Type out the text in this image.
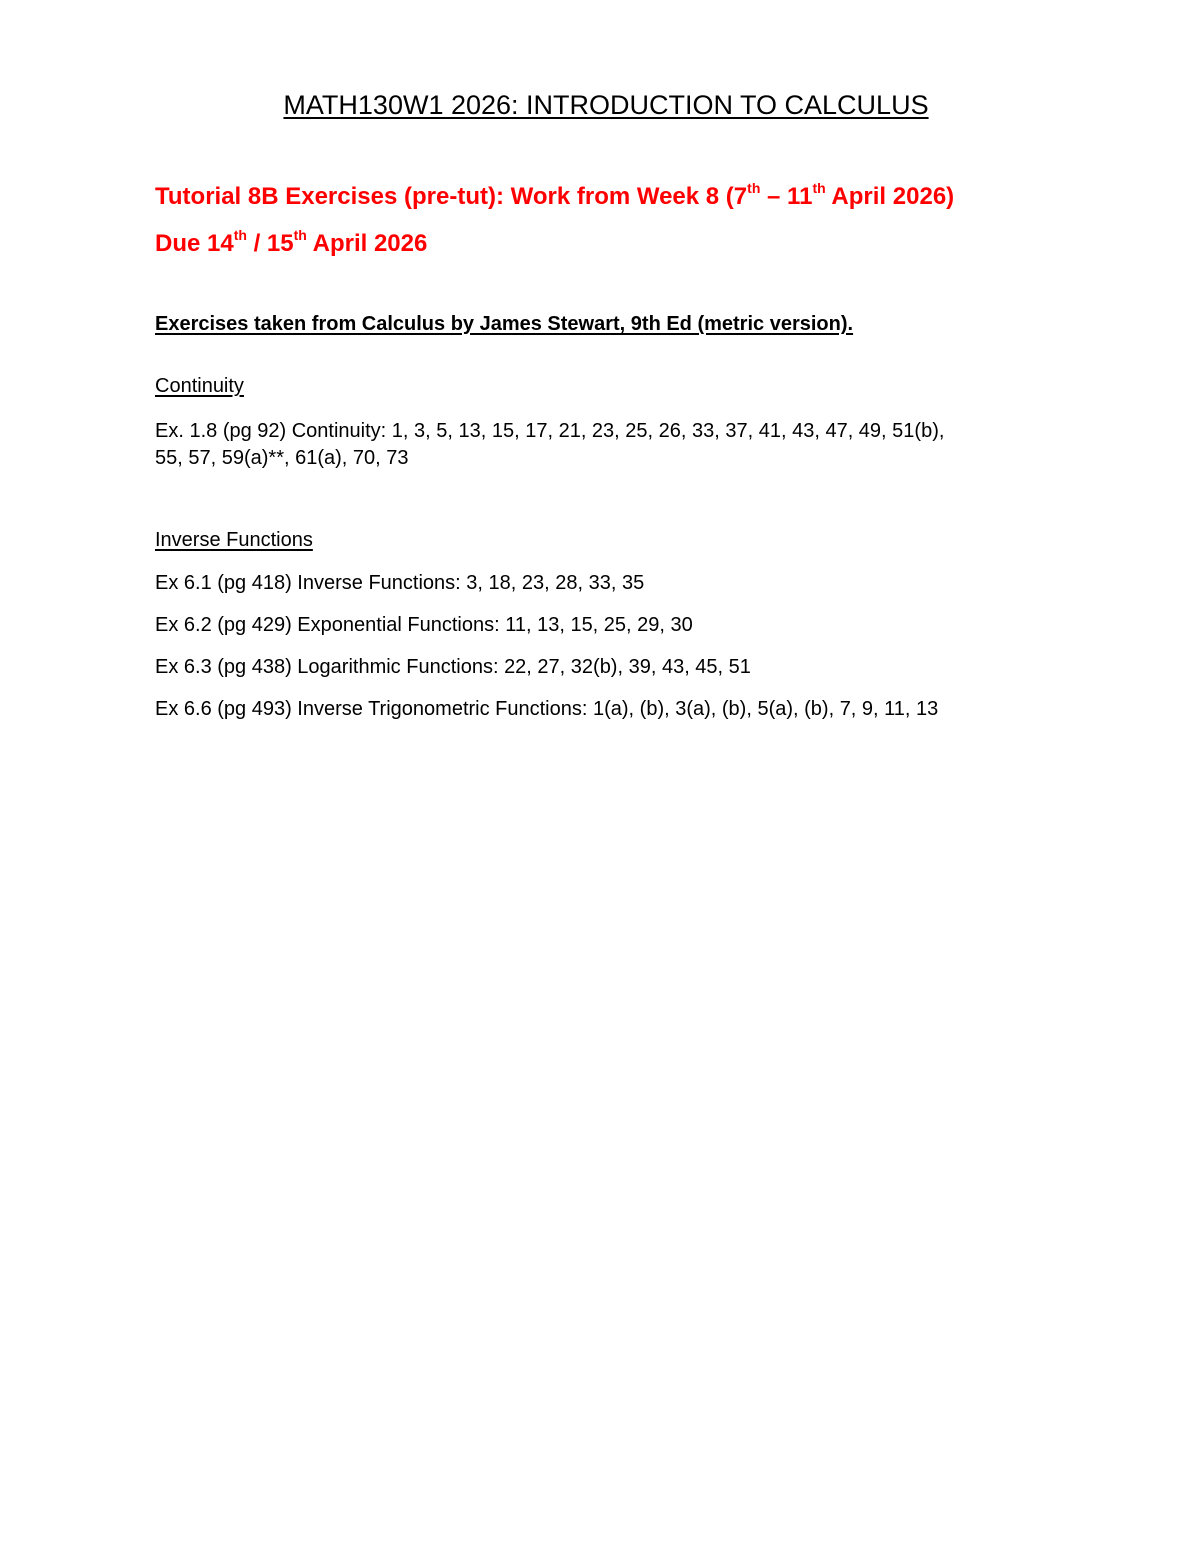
MATH130W1 2026: INTRODUCTION TO CALCULUS
Tutorial 8B Exercises (pre-tut): Work from Week 8 (7th – 11th April 2026)
Due 14th / 15th April 2026
Exercises taken from Calculus by James Stewart, 9th Ed (metric version).
Continuity
Ex. 1.8 (pg 92) Continuity: 1, 3, 5, 13, 15, 17, 21, 23, 25, 26, 33, 37, 41, 43, 47, 49, 51(b),
55, 57, 59(a)**, 61(a), 70, 73
Inverse Functions
Ex 6.1 (pg 418) Inverse Functions: 3, 18, 23, 28, 33, 35
Ex 6.2 (pg 429) Exponential Functions: 11, 13, 15, 25, 29, 30
Ex 6.3 (pg 438) Logarithmic Functions: 22, 27, 32(b), 39, 43, 45, 51
Ex 6.6 (pg 493) Inverse Trigonometric Functions: 1(a), (b), 3(a), (b), 5(a), (b), 7, 9, 11, 13
